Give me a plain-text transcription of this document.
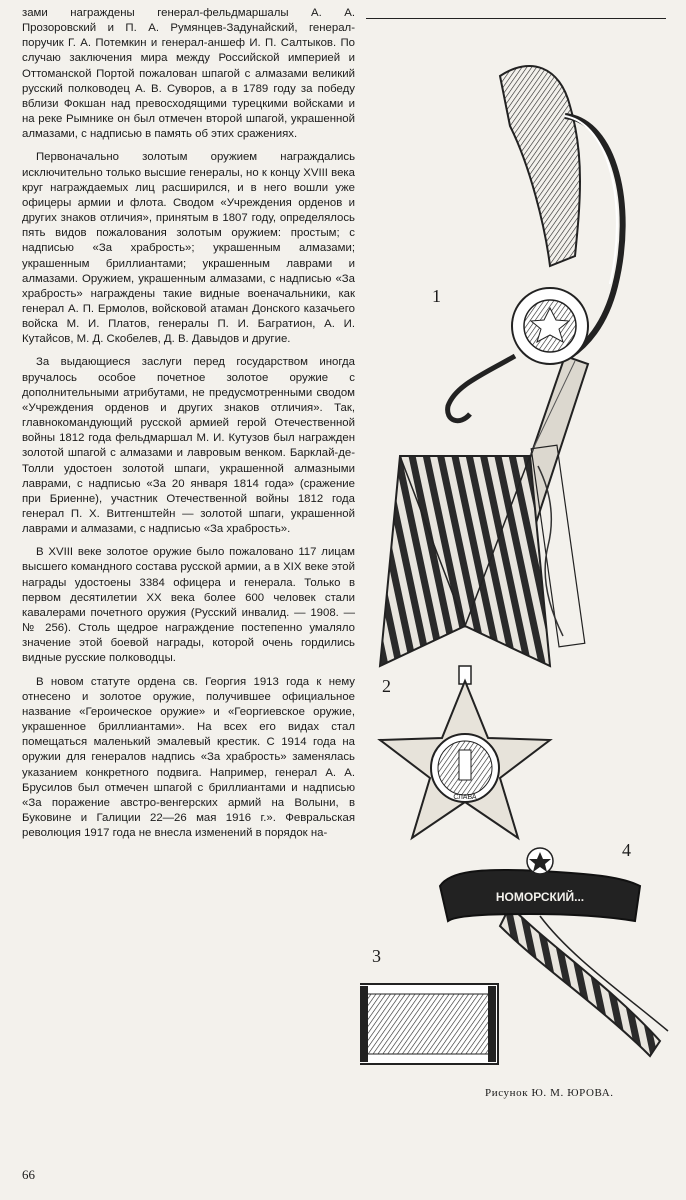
зами награждены генерал-фельдмаршалы А. А. Прозоровский и П. А. Румянцев-Задунайский, генерал-поручик Г. А. Потемкин и генерал-аншеф И. П. Салтыков. По случаю заключения мира между Российской империей и Оттоманской Портой пожалован шпагой с алмазами великий русский полководец А. В. Суворов, а в 1789 году за победу вблизи Фокшан над превосходящими турецкими войсками и на реке Рымнике он был отмечен второй шпагой, украшенной алмазами, с надписью в память об этих сражениях.

Первоначально золотым оружием награждались исключительно только высшие генералы, но к концу XVIII века круг награждаемых лиц расширился, и в него вошли уже офицеры армии и флота. Сводом «Учреждения орденов и других знаков отличия», принятым в 1807 году, определялось пять видов пожалования золотым оружием: простым; с надписью «За храбрость»; украшенным алмазами; украшенным бриллиантами; украшенным лаврами и алмазами. Оружием, украшенным алмазами, с надписью «За храбрость» награждены такие видные военачальники, как генерал А. П. Ермолов, войсковой атаман Донского казачьего войска М. И. Платов, генералы П. И. Багратион, А. И. Кутайсов, М. Д. Скобелев, Д. В. Давыдов и другие.

За выдающиеся заслуги перед государством иногда вручалось особое почетное золотое оружие с дополнительными атрибутами, не предусмотренными сводом «Учреждения орденов и других знаков отличия». Так, главнокомандующий русской армией герой Отечественной войны 1812 года фельдмаршал М. И. Кутузов был награжден золотой шпагой с алмазами и лавровым венком. Барклай-де-Толли удостоен золотой шпаги, украшенной алмазными лаврами, с надписью «За 20 января 1814 года» (сражение при Бриенне), участник Отечественной войны 1812 года генерал П. Х. Витгенштейн — золотой шпаги, украшенной лаврами и алмазами, с надписью «За храбрость».

В XVIII веке золотое оружие было пожаловано 117 лицам высшего командного состава русской армии, а в XIX веке этой награды удостоены 3384 офицера и генерала. Только в первом десятилетии XX века более 600 человек стали кавалерами почетного оружия (Русский инвалид. — 1908. — № 256). Столь щедрое награждение постепенно умаляло значение этой боевой награды, которой очень гордились видные русские полководцы.

В новом статуте ордена св. Георгия 1913 года к нему отнесено и золотое оружие, получившее официальное название «Героическое оружие» и «Георгиевское оружие, украшенное бриллиантами». На всех его видах стал помещаться маленький эмалевый крестик. С 1914 года на оружии для генералов надпись «За храбрость» заменялась указанием конкретного подвига. Например, генерал А. А. Брусилов был отмечен шпагой с бриллиантами и надписью «За поражение австро-венгерских армий на Волыни, в Буковине и Галиции 22—26 мая 1916 г.». Февральская революция 1917 года не внесла изменений в порядок на-

СЛАВА
НОМОРСКИЙ...
1
2
3
4
Рисунок Ю. М. ЮРОВА.
66
